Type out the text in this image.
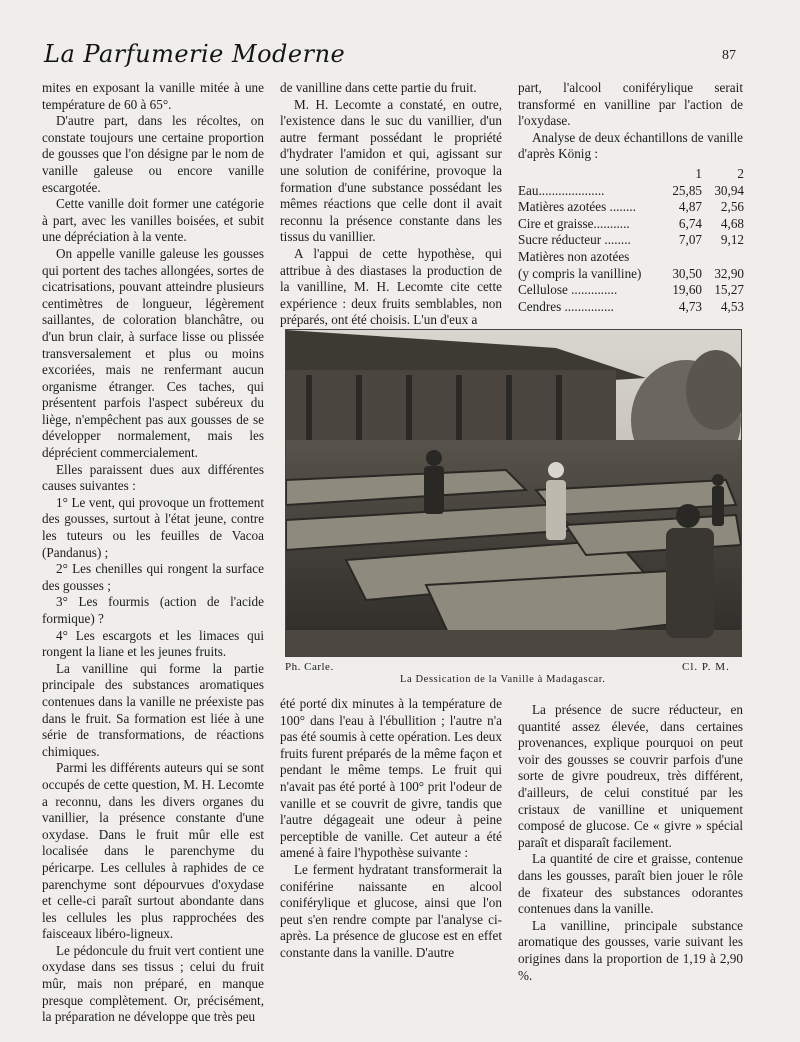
La Parfumerie Moderne	87

mites en exposant la vanille mitée à une température de 60 à 65°.

D'autre part, dans les récoltes, on constate toujours une certaine proportion de gousses que l'on désigne par le nom de vanille galeuse ou encore vanille escargotée.

Cette vanille doit former une catégorie à part, avec les vanilles boisées, et subit une dépréciation à la vente.

On appelle vanille galeuse les gousses qui portent des taches allongées, sortes de cicatrisations, pouvant atteindre plusieurs centimètres de longueur, légèrement saillantes, de coloration blanchâtre, ou d'un brun clair, à surface lisse ou plissée transversalement et plus ou moins excoriées, mais ne renfermant aucun organisme étranger. Ces taches, qui présentent parfois l'aspect subéreux du liège, n'empêchent pas aux gousses de se développer normalement, mais les déprécient commercialement.

Elles paraissent dues aux différentes causes suivantes :

1° Le vent, qui provoque un frottement des gousses, surtout à l'état jeune, contre les tuteurs ou les feuilles de Vacoa (Pandanus) ;

2° Les chenilles qui rongent la surface des gousses ;

3° Les fourmis (action de l'acide formique) ?

4° Les escargots et les limaces qui rongent la liane et les jeunes fruits.

La vanilline qui forme la partie principale des substances aromatiques contenues dans la vanille ne préexiste pas dans le fruit. Sa formation est liée à une série de transformations, de réactions chimiques.

Parmi les différents auteurs qui se sont occupés de cette question, M. H. Lecomte a reconnu, dans les divers organes du vanillier, la présence constante d'une oxydase. Dans le fruit mûr elle est localisée dans le parenchyme du péricarpe. Les cellules à raphides de ce parenchyme sont dépourvues d'oxydase et celle-ci paraît surtout abondante dans les cellules les plus rapprochées des faisceaux libéro-ligneux.

Le pédoncule du fruit vert contient une oxydase dans ses tissus ; celui du fruit mûr, mais non préparé, en manque presque complètement. Or, précisément, la préparation ne développe que très peu

de vanilline dans cette partie du fruit.

M. H. Lecomte a constaté, en outre, l'existence dans le suc du vanillier, d'un autre fermant possédant le propriété d'hydrater l'amidon et qui, agissant sur une solution de coniférine, provoque la formation d'une substance possédant les mêmes réactions que celle dont il avait reconnu la présence constante dans les tissus du vanillier.

A l'appui de cette hypothèse, qui attribue à des diastases la production de la vanilline, M. H. Lecomte cite cette expérience : deux fruits semblables, non préparés, ont été choisis. L'un d'eux a

part, l'alcool coniférylique serait transformé en vanilline par l'action de l'oxydase.

Analyse de deux échantillons de vanille d'après König :

	1	2
Eau....................	25,85	30,94
Matières azotées ........	4,87	2,56
Cire et graisse...........	6,74	4,68
Sucre réducteur ........	7,07	9,12
Matières non azotées		
(y compris la vanilline)	30,50	32,90
Cellulose ..............	19,60	15,27
Cendres ...............	4,73	4,53
Ph. Carle.	Cl. P. M.
La Dessication de la Vanille à Madagascar.

été porté dix minutes à la température de 100° dans l'eau à l'ébullition ; l'autre n'a pas été soumis à cette opération. Les deux fruits furent préparés de la même façon et pendant le même temps. Le fruit qui n'avait pas été porté à 100° prit l'odeur de vanille et se couvrit de givre, tandis que l'autre dégageait une odeur à peine perceptible de vanille. Cet auteur a été amené à faire l'hypothèse suivante :

Le ferment hydratant transformerait la coniférine naissante en alcool coniférylique et glucose, ainsi que l'on peut s'en rendre compte par l'analyse ci-après. La présence de glucose est en effet constante dans la vanille. D'autre

La présence de sucre réducteur, en quantité assez élevée, dans certaines provenances, explique pourquoi on peut voir des gousses se couvrir parfois d'une sorte de givre poudreux, très différent, d'ailleurs, de celui constitué par les cristaux de vanilline et uniquement composé de glucose. Ce « givre » spécial paraît et disparaît facilement.

La quantité de cire et graisse, contenue dans les gousses, paraît bien jouer le rôle de fixateur des substances odorantes contenues dans la vanille.

La vanilline, principale substance aromatique des gousses, varie suivant les origines dans la proportion de 1,19 à 2,90 %.
